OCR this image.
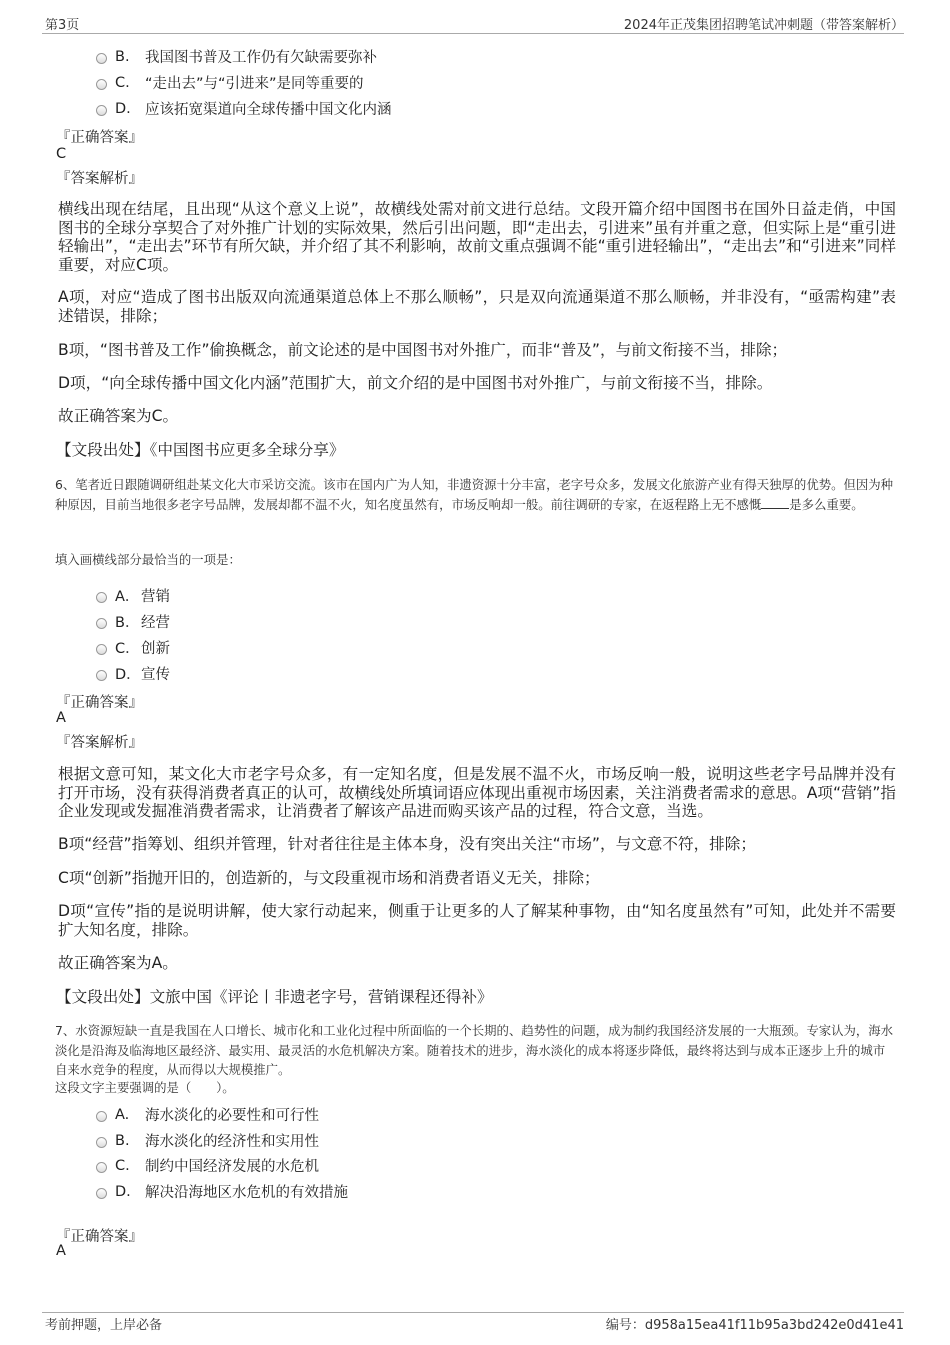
第3页	2024年正茂集团招聘笔试冲刺题（带答案解析）
B.	我国图书普及工作仍有欠缺需要弥补
C.	“走出去”与“引进来”是同等重要的
D. 应该拓宽渠道向全球传播中国文化内涵
『正确答案』
C
『答案解析』
横线出现在结尾，且出现“从这个意义上说”，故横线处需对前文进行总结。文段开篇介绍中国图书在国外日益走俏，中国图书的全球分享契合了对外推广计划的实际效果，然后引出问题，即“走出去，引进来”虽有并重之意，但实际上是“重引进轻输出”，“走出去”环节有所欠缺，并介绍了其不利影响，故前文重点强调不能“重引进轻输出”，“走出去”和“引进来”同样重要，对应C项。
A项，对应“造成了图书出版双向流通渠道总体上不那么顺畅”，只是双向流通渠道不那么顺畅，并非没有，“亟需构建”表述错误，排除；
B项，“图书普及工作”偷换概念，前文论述的是中国图书对外推广，而非“普及”，与前文衔接不当，排除；
D项，“向全球传播中国文化内涵”范围扩大，前文介绍的是中国图书对外推广，与前文衔接不当，排除。
故正确答案为C。
【文段出处】《中国图书应更多全球分享》
6、笔者近日跟随调研组赴某文化大市采访交流。该市在国内广为人知，非遗资源十分丰富，老字号众多，发展文化旅游产业有得天独厚的优势。但因为种种原因，目前当地很多老字号品牌，发展却都不温不火，知名度虽然有，市场反响却一般。前往调研的专家，在返程路上无不感慨 是多么重要。
填入画横线部分最恰当的一项是：
A． 营销
B． 经营
C． 创新
D． 宣传
『正确答案』
A
『答案解析』
根据文意可知，某文化大市老字号众多，有一定知名度，但是发展不温不火，市场反响一般，说明这些老字号品牌并没有打开市场，没有获得消费者真正的认可，故横线处所填词语应体现出重视市场因素，关注消费者需求的意思。A项“营销”指企业发现或发掘准消费者需求，让消费者了解该产品进而购买该产品的过程，符合文意，当选。
B项“经营”指筹划、组织并管理，针对者往往是主体本身，没有突出关注“市场”，与文意不符，排除；
C项“创新”指抛开旧的，创造新的，与文段重视市场和消费者语义无关，排除；
D项“宣传”指的是说明讲解，使大家行动起来，侧重于让更多的人了解某种事物，由“知名度虽然有”可知，此处并不需要扩大知名度，排除。
故正确答案为A。
【文段出处】文旅中国《评论丨非遗老字号，营销课程还得补》
7、水资源短缺一直是我国在人口增长、城市化和工业化过程中所面临的一个长期的、趋势性的问题，成为制约我国经济发展的一大瓶颈。专家认为，海水淡化是沿海及临海地区最经济、最实用、最灵活的水危机解决方案。随着技术的进步，海水淡化的成本将逐步降低，最终将达到与成本正逐步上升的城市自来水竞争的程度，从而得以大规模推广。
这段文字主要强调的是（　　）。
A.	海水淡化的必要性和可行性
B.	海水淡化的经济性和实用性
C.	制约中国经济发展的水危机
D. 解决沿海地区水危机的有效措施
『正确答案』
A
考前押题，上岸必备	编号：d958a15ea41f11b95a3bd242e0d41e41
